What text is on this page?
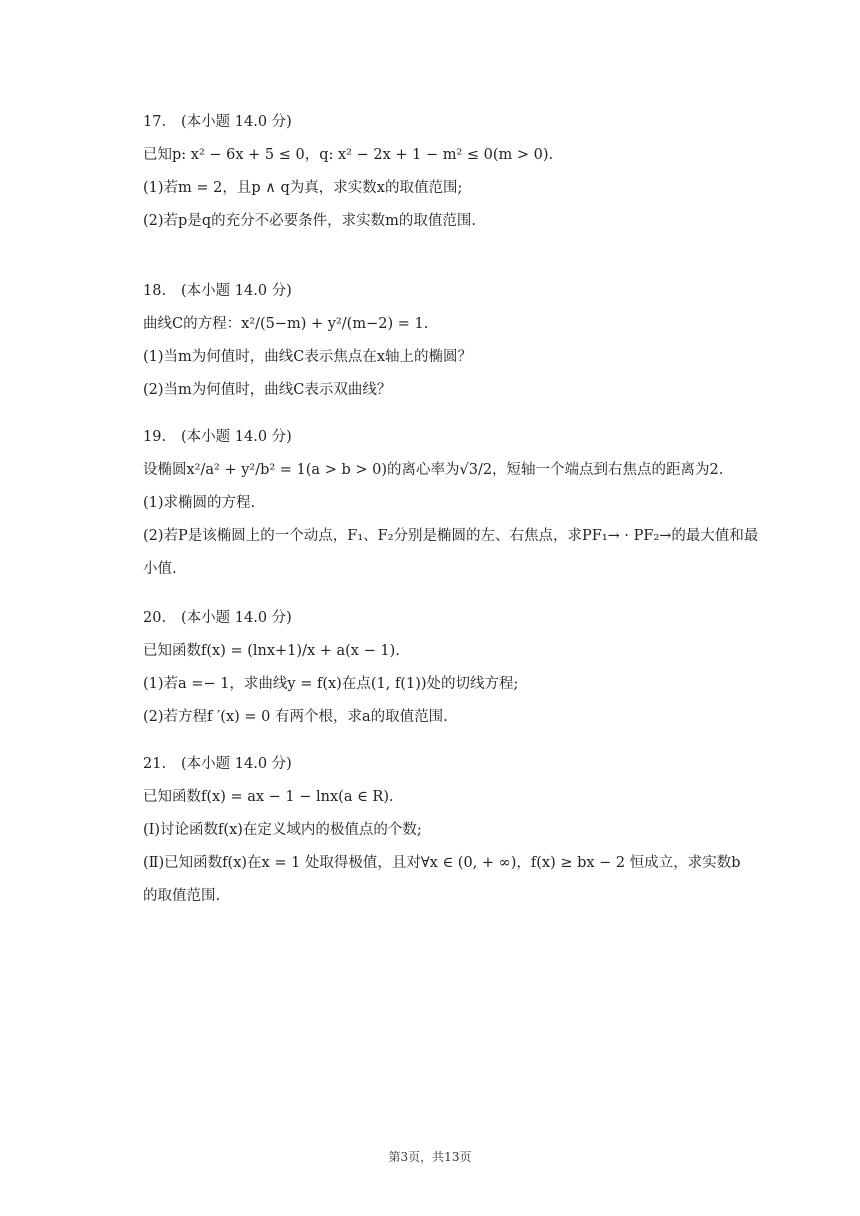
17. (本小题 14.0 分)
已知p: x² − 6x + 5 ≤ 0，q: x² − 2x + 1 − m² ≤ 0(m > 0).
(1)若m = 2，且p ∧ q为真，求实数x的取值范围;
(2)若p是q的充分不必要条件，求实数m的取值范围.
18. (本小题 14.0 分)
曲线C的方程：x²/(5−m) + y²/(m−2) = 1.
(1)当m为何值时，曲线C表示焦点在x轴上的椭圆？
(2)当m为何值时，曲线C表示双曲线？
19. (本小题 14.0 分)
设椭圆x²/a² + y²/b² = 1(a > b > 0)的离心率为√3/2，短轴一个端点到右焦点的距离为2.
(1)求椭圆的方程.
(2)若P是该椭圆上的一个动点，F₁、F₂分别是椭圆的左、右焦点，求PF₁→ · PF₂→的最大值和最
小值.
20. (本小题 14.0 分)
已知函数f(x) = (lnx+1)/x + a(x − 1).
(1)若a =− 1，求曲线y = f(x)在点(1, f(1))处的切线方程;
(2)若方程f ′(x) = 0 有两个根，求a的取值范围.
21. (本小题 14.0 分)
已知函数f(x) = ax − 1 − lnx(a ∈ R).
(Ⅰ)讨论函数f(x)在定义域内的极值点的个数;
(Ⅱ)已知函数f(x)在x = 1 处取得极值，且对∀x ∈ (0, + ∞)，f(x) ≥ bx − 2 恒成立，求实数b
的取值范围.
第3页，共13页
